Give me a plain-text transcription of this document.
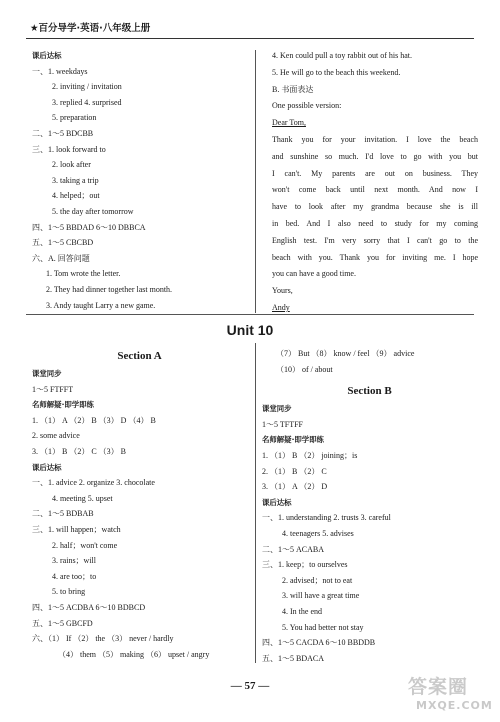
★百分导学·英语·八年级上册
课后达标
一、1. weekdays
2. inviting / invitation
3. replied 4. surprised
5. preparation
二、1～5 BDCBB
三、1. look forward to
2. look after
3. taking a trip
4. helped；out
5. the day after tomorrow
四、1～5 BBDAD 6～10 DBBCA
五、1～5 CBCBD
六、A. 回答问题
1. Tom wrote the letter.
2. They had dinner together last month.
3. Andy taught Larry a new game.
4. Ken could pull a toy rabbit out of his hat.
5. He will go to the beach this weekend.
B. 书面表达
One possible version:
Dear Tom,
Thank you for your invitation. I love the beach
and sunshine so much. I'd love to go with you but
I can't. My parents are out on business. They
won't come back until next month. And now I
have to look after my grandma because she is ill
in bed. And I also need to study for my coming
English test. I'm very sorry that I can't go to the
beach with you. Thank you for inviting me. I hope
you can have a good time.
Yours,
Andy
Unit 10
Section A
课堂同步
1～5 FTFFT
名师解疑·即学即练
1. （1） A （2） B （3） D （4） B
2. some advice
3. （1） B （2） C （3） B
课后达标
一、1. advice 2. organize 3. chocolate
4. meeting 5. upset
二、1～5 BDBAB
三、1. will happen；watch
2. half；won't come
3. rains；will
4. are too；to
5. to bring
四、1～5 ACDBA 6～10 BDBCD
五、1～5 GBCFD
六、（1） If （2） the （3） never / hardly
（4） them （5） making （6） upset / angry
（7） But （8） know / feel （9） advice
（10） of / about
Section B
课堂同步
1～5 TFTFF
名师解疑·即学即练
1. （1） B （2） joining；is
2. （1） B （2） C
3. （1） A （2） D
课后达标
一、1. understanding 2. trusts 3. careful
4. teenagers 5. advises
二、1～5 ACABA
三、1. keep；to ourselves
2. advised；not to eat
3. will have a great time
4. In the end
5. You had better not stay
四、1～5 CACDA 6～10 BBDDB
五、1～5 BDACA
— 57 —	答案圈
MXQE.COM
